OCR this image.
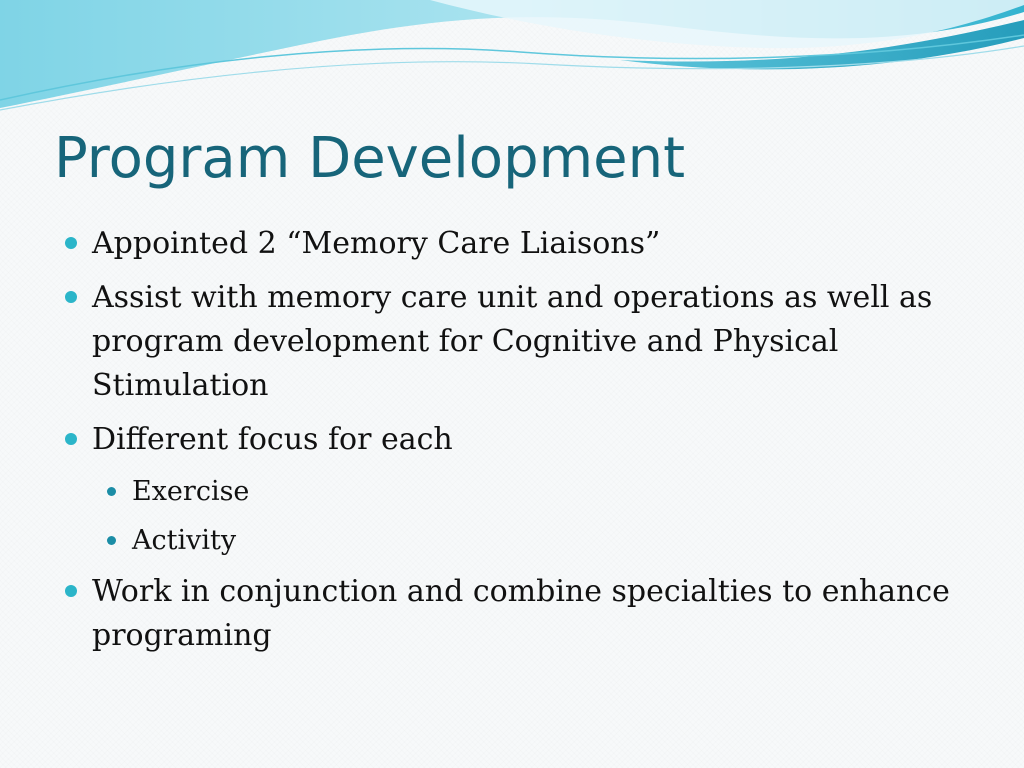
Program Development
Appointed 2 “Memory Care Liaisons”
Assist with memory care unit and operations as well as program development for Cognitive and Physical Stimulation
Different focus for each
Exercise
Activity
Work in conjunction and combine specialties to enhance programing
